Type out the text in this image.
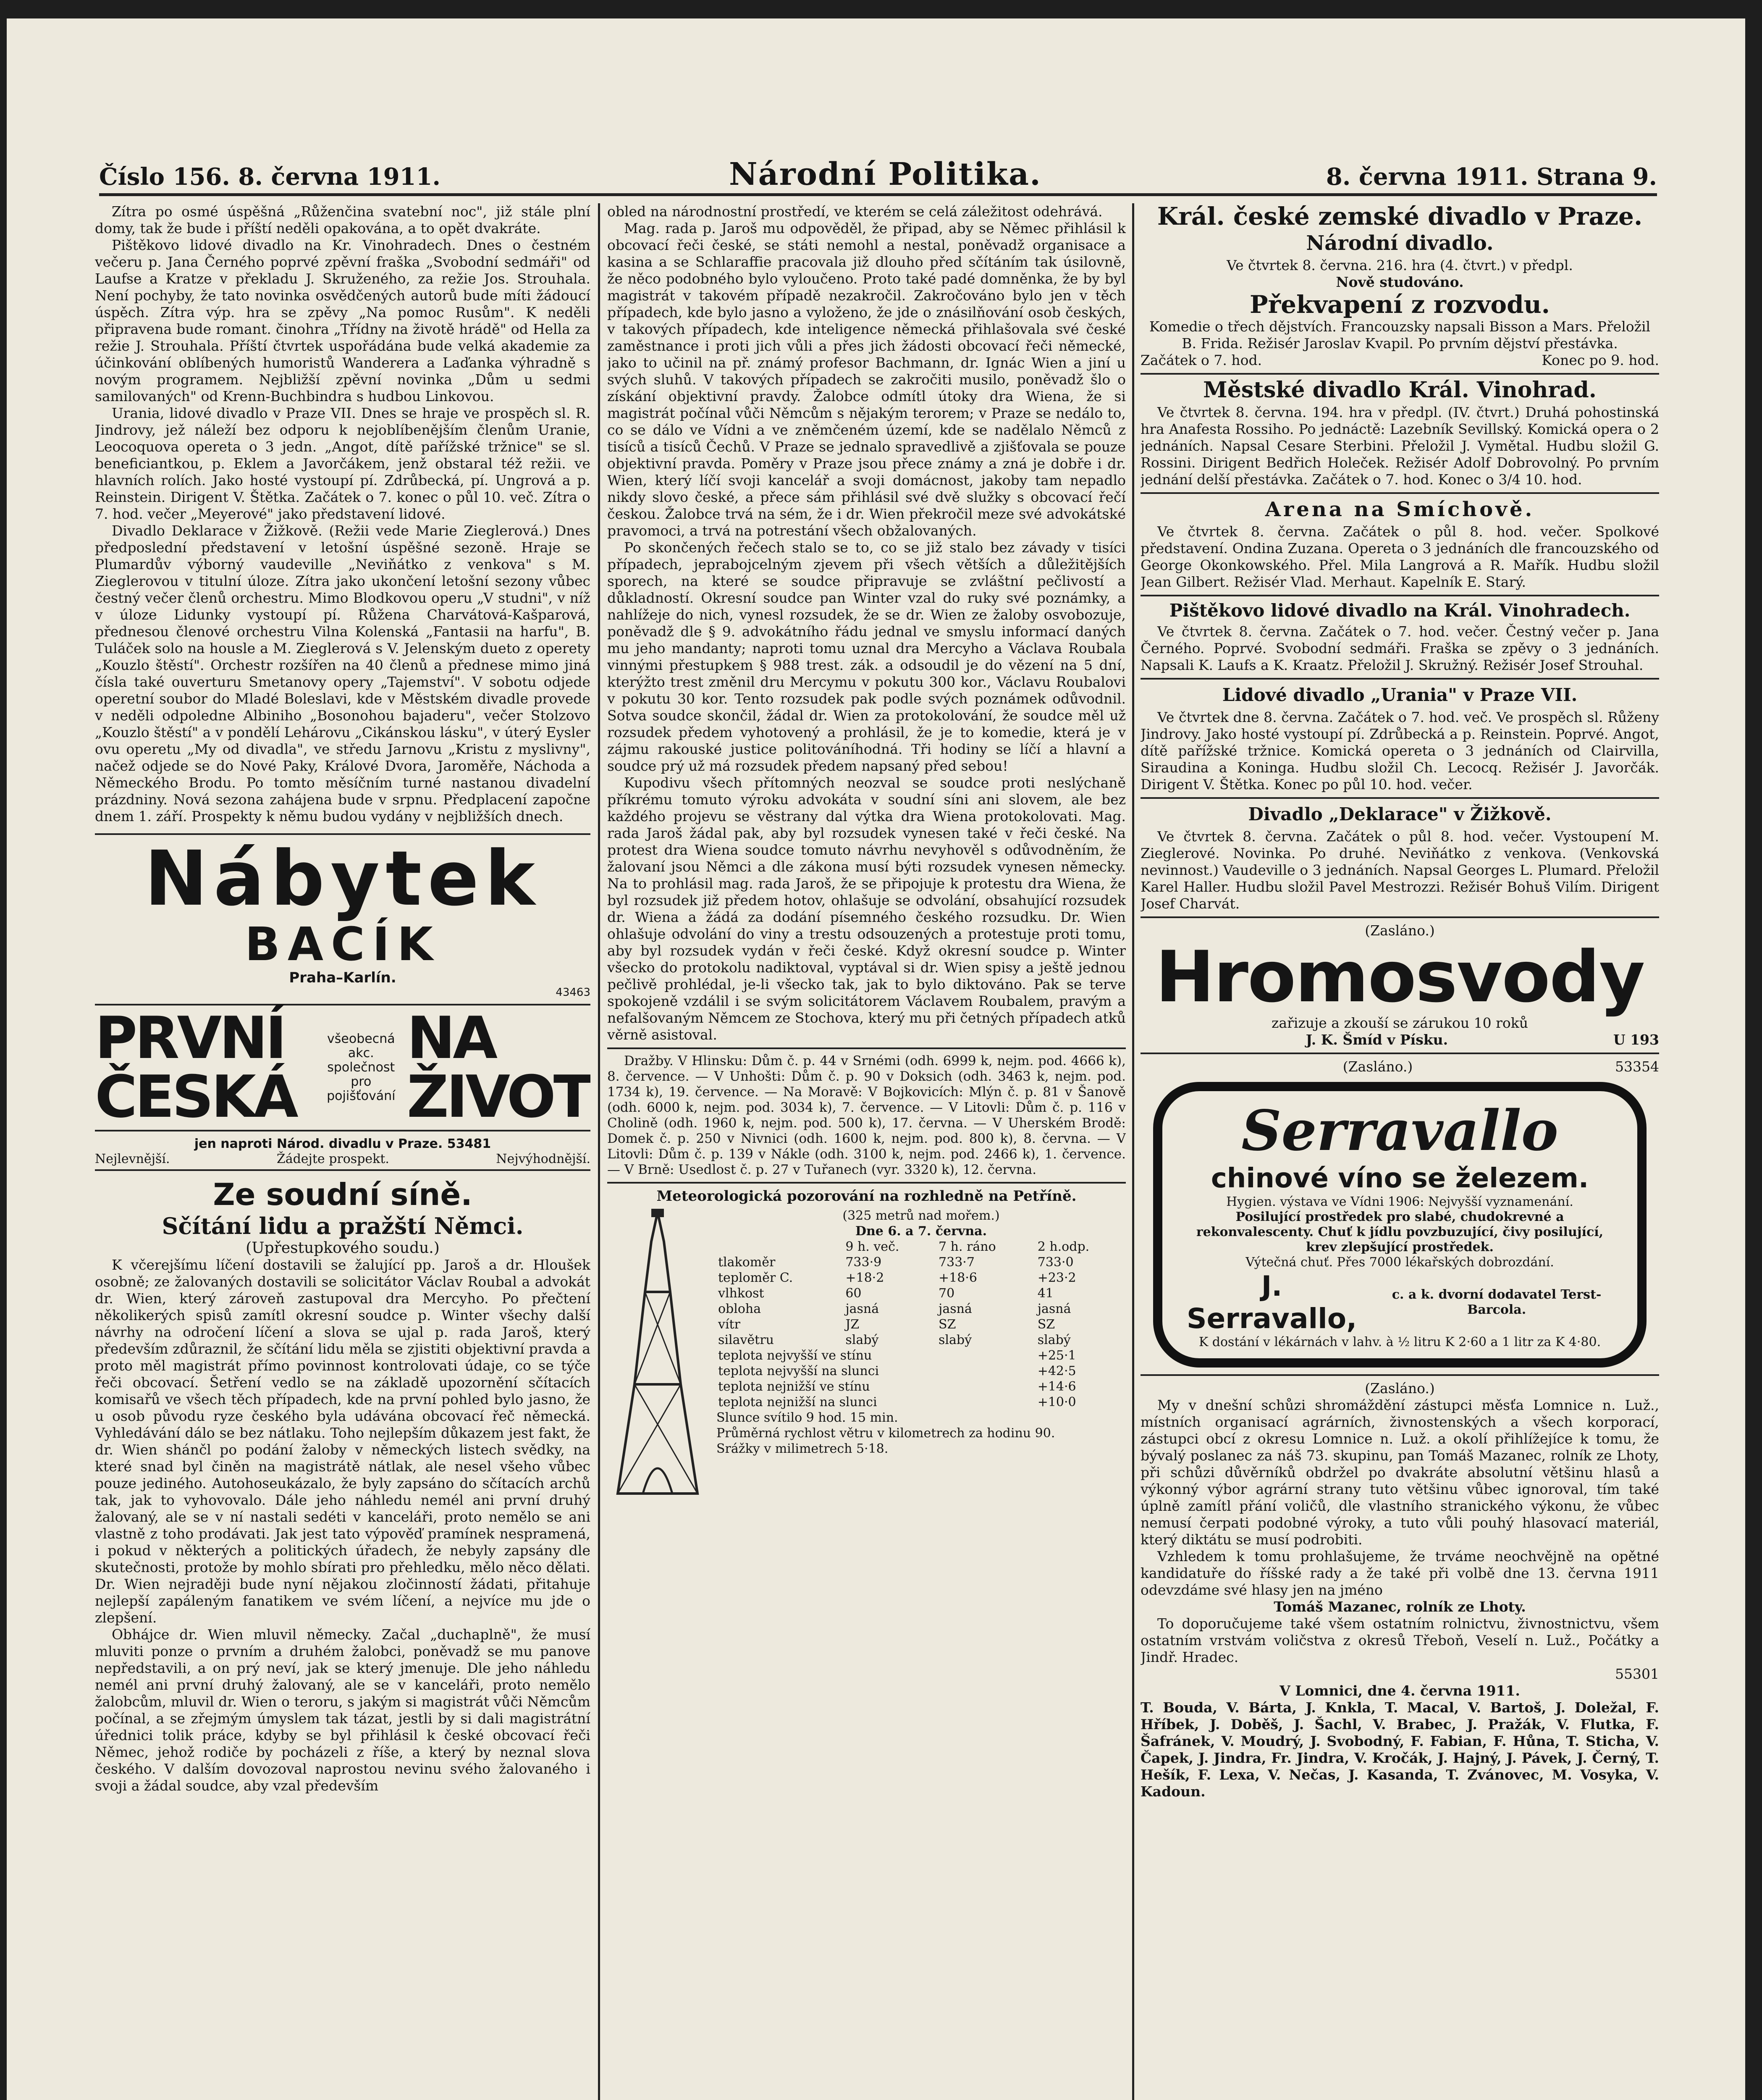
Číslo 156. 8. června 1911.	Národní Politika.	8. června 1911. Strana 9.

Zítra po osmé úspěšná „Růženčina svatební noc", již stále plní domy, tak že bude i příští neděli opakována, a to opět dvakráte.

Pištěkovo lidové divadlo na Kr. Vinohradech. Dnes o čestném večeru p. Jana Černého poprvé zpěvní fraška „Svobodní sedmáři" od Laufse a Kratze v překladu J. Skruženého, za režie Jos. Strouhala. Není pochyby, že tato novinka osvědčených autorů bude míti žádoucí úspěch. Zítra výp. hra se zpěvy „Na pomoc Rusům". K neděli připravena bude romant. činohra „Třídny na životě hrádě" od Hella za režie J. Strouhala. Příští čtvrtek uspořádána bude velká akademie za účinkování oblíbených humoristů Wanderera a Laďanka výhradně s novým programem. Nejbližší zpěvní novinka „Dům u sedmi samilovaných" od Krenn-Buchbindra s hudbou Linkovou.

Urania, lidové divadlo v Praze VII. Dnes se hraje ve prospěch sl. R. Jindrovy, jež náleží bez odporu k nejoblíbenějším členům Uranie, Leocoquova opereta o 3 jedn. „Angot, dítě pařížské tržnice" se sl. beneficiantkou, p. Eklem a Javorčákem, jenž obstaral též režii. ve hlavních rolích. Jako hosté vystoupí pí. Zdrůbecká, pí. Ungrová a p. Reinstein. Dirigent V. Štětka. Začátek o 7. konec o půl 10. več. Zítra o 7. hod. večer „Meyerové" jako představení lidové.

Divadlo Deklarace v Žižkově. (Režii vede Marie Zieglerová.) Dnes předposlední představení v letošní úspěšné sezoně. Hraje se Plumardův výborný vaudeville „Neviňátko z venkova" s M. Zieglerovou v titulní úloze. Zítra jako ukončení letošní sezony vůbec čestný večer členů orchestru. Mimo Blodkovou operu „V studni", v níž v úloze Lidunky vystoupí pí. Růžena Charvátová-Kašparová, přednesou členové orchestru Vilna Kolenská „Fantasii na harfu", B. Tuláček solo na housle a M. Zieglerová s V. Jelenským dueto z operety „Kouzlo štěstí". Orchestr rozšířen na 40 členů a přednese mimo jiná čísla také ouverturu Smetanovy opery „Tajemství". V sobotu odjede operetní soubor do Mladé Boleslavi, kde v Městském divadle provede v neděli odpoledne Albiniho „Bosonohou bajaderu", večer Stolzovo „Kouzlo štěstí" a v pondělí Lehárovu „Cikánskou lásku", v úterý Eysler ovu operetu „My od divadla", ve středu Jarnovu „Kristu z myslivny", načež odjede se do Nové Paky, Králové Dvora, Jaroměře, Náchoda a Německého Brodu. Po tomto měsíčním turné nastanou divadelní prázdniny. Nová sezona zahájena bude v srpnu. Předplacení započne dnem 1. září. Prospekty k němu budou vydány v nejbližších dnech.

Nábytek
BACÍK
Praha–Karlín.
43463
PRVNÍ ČESKÁ
všeobecná akc. společnost
pro
pojišťování
NA ŽIVOT
jen naproti Národ. divadlu v Praze. 53481
Nejlevnější.	Žádejte prospekt.	Nejvýhodnější.
Ze soudní síně.
Sčítání lidu a pražští Němci.

(Upřestupkového soudu.)

K včerejšímu líčení dostavili se žalující pp. Jaroš a dr. Hloušek osobně; ze žalovaných dostavili se solicitátor Václav Roubal a advokát dr. Wien, který zároveň zastupoval dra Mercyho. Po přečtení několikerých spisů zamítl okresní soudce p. Winter všechy další návrhy na odročení líčení a slova se ujal p. rada Jaroš, který především zdůraznil, že sčítání lidu měla se zjistiti objektivní pravda a proto měl magistrát přímo povinnost kontrolovati údaje, co se týče řeči obcovací. Šetření vedlo se na základě upozornění sčítacích komisařů ve všech těch případech, kde na první pohled bylo jasno, že u osob původu ryze českého byla udávána obcovací řeč německá. Vyhledávání dálo se bez nátlaku. Toho nejlepším důkazem jest fakt, že dr. Wien shánčl po podání žaloby v německých listech svědky, na které snad byl činěn na magistrátě nátlak, ale nesel všeho vůbec pouze jediného. Autohoseukázalo, že byly zapsáno do sčítacích archů tak, jak to vyhovovalo. Dále jeho náhledu nemél ani první druhý žalovaný, ale se v ní nastali sedéti v kanceláři, proto nemělo se ani vlastně z toho prodávati. Jak jest tato výpověď pramínek nespramená, i pokud v některých a politických úřadech, že nebyly zapsány dle skutečnosti, protože by mohlo sbírati pro přehledku, mělo něco dělati. Dr. Wien nejraději bude nyní nějakou zločinností žádati, přitahuje nejlepší zapáleným fanatikem ve svém líčení, a nejvíce mu jde o zlepšení.

Obhájce dr. Wien mluvil německy. Začal „duchaplně", že musí mluviti ponze o prvním a druhém žalobci, poněvadž se mu panove nepředstavili, a on prý neví, jak se který jmenuje. Dle jeho náhledu nemél ani první druhý žalovaný, ale se v kanceláři, proto nemělo žalobcům, mluvil dr. Wien o teroru, s jakým si magistrát vůči Němcům počínal, a se zřejmým úmyslem tak tázat, jestli by si dali magistrátní úřednici tolik práce, kdyby se byl přihlásil k české obcovací řeči Němec, jehož rodiče by pocházeli z říše, a který by neznal slova českého. V dalším dovozoval naprostou nevinu svého žalovaného i svoji a žádal soudce, aby vzal především

obled na národnostní prostředí, ve kterém se celá záležitost odehrává.

Mag. rada p. Jaroš mu odpověděl, že připad, aby se Němec přihlásil k obcovací řeči české, se státi nemohl a nestal, poněvadž organisace a kasina a se Schlaraffie pracovala již dlouho před sčítáním tak úsilovně, že něco podobného bylo vyloučeno. Proto také padé domněnka, že by byl magistrát v takovém případě nezakročil. Zakročováno bylo jen v těch případech, kde bylo jasno a vyloženo, že jde o znásilňování osob českých, v takových případech, kde inteligence německá přihlašovala své české zaměstnance i proti jich vůli a přes jich žádosti obcovací řeči německé, jako to učinil na př. známý profesor Bachmann, dr. Ignác Wien a jiní u svých sluhů. V takových případech se zakročiti musilo, poněvadž šlo o získání objektivní pravdy. Žalobce odmítl útoky dra Wiena, že si magistrát počínal vůči Němcům s nějakým terorem; v Praze se nedálo to, co se dálo ve Vídni a ve zněmčeném území, kde se nadělalo Němců z tisíců a tisíců Čechů. V Praze se jednalo spravedlivě a zjišťovala se pouze objektivní pravda. Poměry v Praze jsou přece známy a zná je dobře i dr. Wien, který líčí svoji kancelář a svoji domácnost, jakoby tam nepadlo nikdy slovo české, a přece sám přihlásil své dvě služky s obcovací řečí českou. Žalobce trvá na sém, že i dr. Wien překročil meze své advokátské pravomoci, a trvá na potrestání všech obžalovaných.

Po skončených řečech stalo se to, co se již stalo bez závady v tisíci případech, jeprabojcelným zjevem při všech větších a důležitějších sporech, na které se soudce připravuje se zvláštní pečlivostí a důkladností. Okresní soudce pan Winter vzal do ruky své poznámky, a nahlížeje do nich, vynesl rozsudek, že se dr. Wien ze žaloby osvobozuje, poněvadž dle § 9. advokátního řádu jednal ve smyslu informací daných mu jeho mandanty; naproti tomu uznal dra Mercyho a Václava Roubala vinnými přestupkem § 988 trest. zák. a odsoudil je do vězení na 5 dní, kterýžto trest změnil dru Mercymu v pokutu 300 kor., Václavu Roubalovi v pokutu 30 kor. Tento rozsudek pak podle svých poznámek odůvodnil. Sotva soudce skončil, žádal dr. Wien za protokolování, že soudce měl už rozsudek předem vyhotovený a prohlásil, že je to komedie, která je v zájmu rakouské justice politováníhodná. Tři hodiny se líčí a hlavní a soudce prý už má rozsudek předem napsaný před sebou!

Kupodivu všech přítomných neozval se soudce proti neslýchaně příkrému tomuto výroku advokáta v soudní síni ani slovem, ale bez každého projevu se věstrany dal výtka dra Wiena protokolovati. Mag. rada Jaroš žádal pak, aby byl rozsudek vynesen také v řeči české. Na protest dra Wiena soudce tomuto návrhu nevyhověl s odůvodněním, že žalovaní jsou Němci a dle zákona musí býti rozsudek vynesen německy. Na to prohlásil mag. rada Jaroš, že se připojuje k protestu dra Wiena, že byl rozsudek již předem hotov, ohlašuje se odvolání, obsahující rozsudek dr. Wiena a žádá za dodání písemného českého rozsudku. Dr. Wien ohlašuje odvolání do viny a trestu odsouzených a protestuje proti tomu, aby byl rozsudek vydán v řeči české. Když okresní soudce p. Winter všecko do protokolu nadiktoval, vyptával si dr. Wien spisy a ještě jednou pečlivě prohlédal, je-li všecko tak, jak to bylo diktováno. Pak se terve spokojeně vzdálil i se svým solicitátorem Václavem Roubalem, pravým a nefalšovaným Němcem ze Stochova, který mu při četných případech atků věrně asistoval.

Dražby. V Hlinsku: Dům č. p. 44 v Srnémi (odh. 6999 k, nejm. pod. 4666 k), 8. července. — V Unhošti: Dům č. p. 90 v Doksich (odh. 3463 k, nejm. pod. 1734 k), 19. července. — Na Moravě: V Bojkovicích: Mlýn č. p. 81 v Šanově (odh. 6000 k, nejm. pod. 3034 k), 7. července. — V Litovli: Dům č. p. 116 v Cholině (odh. 1960 k, nejm. pod. 500 k), 17. června. — V Uherském Brodě: Domek č. p. 250 v Nivnici (odh. 1600 k, nejm. pod. 800 k), 8. června. — V Litovli: Dům č. p. 139 v Nákle (odh. 3100 k, nejm. pod. 2466 k), 1. července. — V Brně: Usedlost č. p. 27 v Tuřanech (vyr. 3320 k), 12. června.

Meteorologická pozorování na rozhledně na Petříně.
(325 metrů nad mořem.)
Dne 6. a 7. června.
	9 h. več.	7 h. ráno	2 h.odp.
tlakoměr	733·9	733·7	733·0
teploměr C.	+18·2	+18·6	+23·2
vlhkost	60	70	41
obloha	jasná	jasná	jasná
vítr	JZ	SZ	SZ
silavětru	slabý	slabý	slabý
teplota nejvyšší ve stínu			+25·1
teplota nejvyšší na slunci			+42·5
teplota nejnižší ve stínu			+14·6
teplota nejnižší na slunci			+10·0
Slunce svítilo 9 hod. 15 min.
Průměrná rychlost větru v kilometrech za hodinu 90.
Srážky v milimetrech 5·18.
Král. české zemské divadlo v Praze.
Národní divadlo.

Ve čtvrtek 8. června. 216. hra (4. čtvrt.) v předpl.

Nově studováno.

Překvapení z rozvodu.

Komedie o třech dějstvích. Francouzsky napsali Bisson a Mars. Přeložil B. Frida. Režisér Jaroslav Kvapil. Po prvním dějství přestávka.

Začátek o 7. hod.	Konec po 9. hod.

Městské divadlo Král. Vinohrad.

Ve čtvrtek 8. června. 194. hra v předpl. (IV. čtvrt.) Druhá pohostinská hra Anafesta Rossiho. Po jednáctě: Lazebník Sevillský. Komická opera o 2 jednáních. Napsal Cesare Sterbini. Přeložil J. Vymětal. Hudbu složil G. Rossini. Dirigent Bedřich Holeček. Režisér Adolf Dobrovolný. Po prvním jednání delší přestávka. Začátek o 7. hod. Konec o 3/4 10. hod.

Arena na Smíchově.

Ve čtvrtek 8. června. Začátek o půl 8. hod. večer. Spolkové představení. Ondina Zuzana. Opereta o 3 jednáních dle francouzského od George Okonkowského. Přel. Mila Langrová a R. Mařík. Hudbu složil Jean Gilbert. Režisér Vlad. Merhaut. Kapelník E. Starý.

Pištěkovo lidové divadlo na Král. Vinohradech.

Ve čtvrtek 8. června. Začátek o 7. hod. večer. Čestný večer p. Jana Černého. Poprvé. Svobodní sedmáři. Fraška se zpěvy o 3 jednáních. Napsali K. Laufs a K. Kraatz. Přeložil J. Skružný. Režisér Josef Strouhal.

Lidové divadlo „Urania" v Praze VII.

Ve čtvrtek dne 8. června. Začátek o 7. hod. več. Ve prospěch sl. Růženy Jindrovy. Jako hosté vystoupí pí. Zdrůbecká a p. Reinstein. Poprvé. Angot, dítě pařížské tržnice. Komická opereta o 3 jednáních od Clairvilla, Siraudina a Koninga. Hudbu složil Ch. Lecocq. Režisér J. Javorčák. Dirigent V. Štětka. Konec po půl 10. hod. večer.

Divadlo „Deklarace" v Žižkově.

Ve čtvrtek 8. června. Začátek o půl 8. hod. večer. Vystoupení M. Zieglerové. Novinka. Po druhé. Neviňátko z venkova. (Venkovská nevinnost.) Vaudeville o 3 jednáních. Napsal Georges L. Plumard. Přeložil Karel Haller. Hudbu složil Pavel Mestrozzi. Režisér Bohuš Vilím. Dirigent Josef Charvát.

(Zasláno.)

Hromosvody

zařizuje a zkouší se zárukou 10 roků

J. K. Šmíd v Písku.	U 193

(Zasláno.)	53354

Serravallo
chinové víno se železem.
Hygien. výstava ve Vídni 1906: Nejvyšší vyznamenání.
Posilující prostředek pro slabé, chudokrevné a rekonvalescenty. Chuť k jídlu povzbuzující, čivy posilující, krev zlepšující prostředek.
Výtečná chuť. Přes 7000 lékařských dobrozdání.
J. Serravallo,
c. a k. dvorní dodavatel Terst-Barcola.
K dostání v lékárnách v lahv. à ½ litru K 2·60 a 1 litr za K 4·80.

(Zasláno.)

My v dnešní schůzi shromáždění zástupci měsťa Lomnice n. Luž., místních organisací agrárních, živnostenských a všech korporací, zástupci obcí z okresu Lomnice n. Luž. a okolí přihlížejíce k tomu, že bývalý poslanec za náš 73. skupinu, pan Tomáš Mazanec, rolník ze Lhoty, při schůzi důvěrníků obdržel po dvakráte absolutní většinu hlasů a výkonný výbor agrární strany tuto většinu vůbec ignoroval, tím také úplně zamítl přání voličů, dle vlastního stranického výkonu, že vůbec nemusí čerpati podobné výroky, a tuto vůli pouhý hlasovací materiál, který diktátu se musí podrobiti.

Vzhledem k tomu prohlašujeme, že trváme neochvějně na opětné kandidatuře do říšské rady a že také při volbě dne 13. června 1911 odevzdáme své hlasy jen na jméno

Tomáš Mazanec, rolník ze Lhoty.

To doporučujeme také všem ostatním rolnictvu, živnostnictvu, všem ostatním vrstvám voličstva z okresů Třeboň, Veselí n. Luž., Počátky a Jindř. Hradec.

55301

V Lomnici, dne 4. června 1911.

T. Bouda, V. Bárta, J. Knkla, T. Macal, V. Bartoš, J. Doležal, F. Hříbek, J. Doběš, J. Šachl, V. Brabec, J. Pražák, V. Flutka, F. Šafránek, V. Moudrý, J. Svobodný, F. Fabian, F. Hůna, T. Sticha, V. Čapek, J. Jindra, Fr. Jindra, V. Kročák, J. Hajný, J. Pávek, J. Černý, T. Hešík, F. Lexa, V. Nečas, J. Kasanda, T. Zvánovec, M. Vosyka, V. Kadoun.
